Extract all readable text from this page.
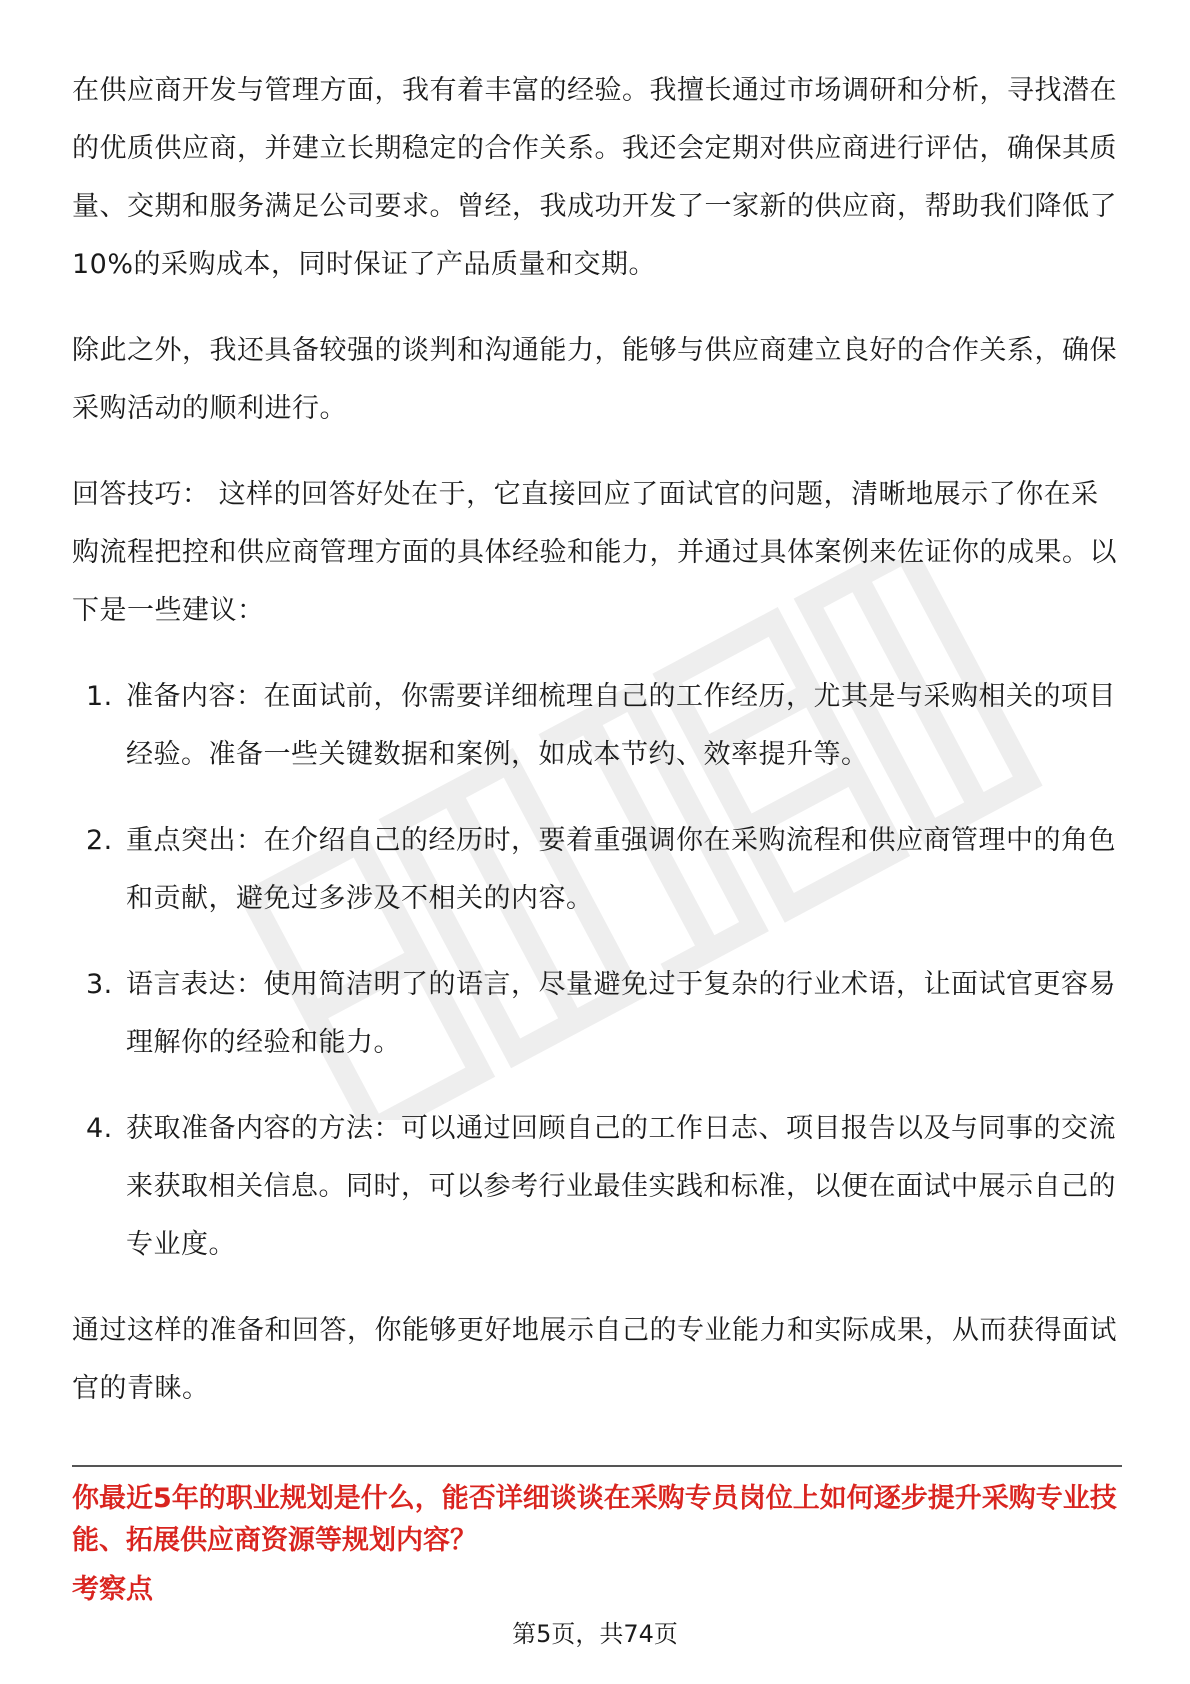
在供应商开发与管理方面，我有着丰富的经验。我擅长通过市场调研和分析，寻找潜在的优质供应商，并建立长期稳定的合作关系。我还会定期对供应商进行评估，确保其质量、交期和服务满足公司要求。曾经，我成功开发了一家新的供应商，帮助我们降低了10%的采购成本，同时保证了产品质量和交期。

除此之外，我还具备较强的谈判和沟通能力，能够与供应商建立良好的合作关系，确保采购活动的顺利进行。

回答技巧： 这样的回答好处在于，它直接回应了面试官的问题，清晰地展示了你在采购流程把控和供应商管理方面的具体经验和能力，并通过具体案例来佐证你的成果。以下是一些建议：

1. 准备内容：在面试前，你需要详细梳理自己的工作经历，尤其是与采购相关的项目经验。准备一些关键数据和案例，如成本节约、效率提升等。
2. 重点突出：在介绍自己的经历时，要着重强调你在采购流程和供应商管理中的角色和贡献，避免过多涉及不相关的内容。
3. 语言表达：使用简洁明了的语言，尽量避免过于复杂的行业术语，让面试官更容易理解你的经验和能力。
4. 获取准备内容的方法：可以通过回顾自己的工作日志、项目报告以及与同事的交流来获取相关信息。同时，可以参考行业最佳实践和标准，以便在面试中展示自己的专业度。

通过这样的准备和回答，你能够更好地展示自己的专业能力和实际成果，从而获得面试官的青睐。

你最近5年的职业规划是什么，能否详细谈谈在采购专员岗位上如何逐步提升采购专业技能、拓展供应商资源等规划内容？
考察点
第5页，共74页
